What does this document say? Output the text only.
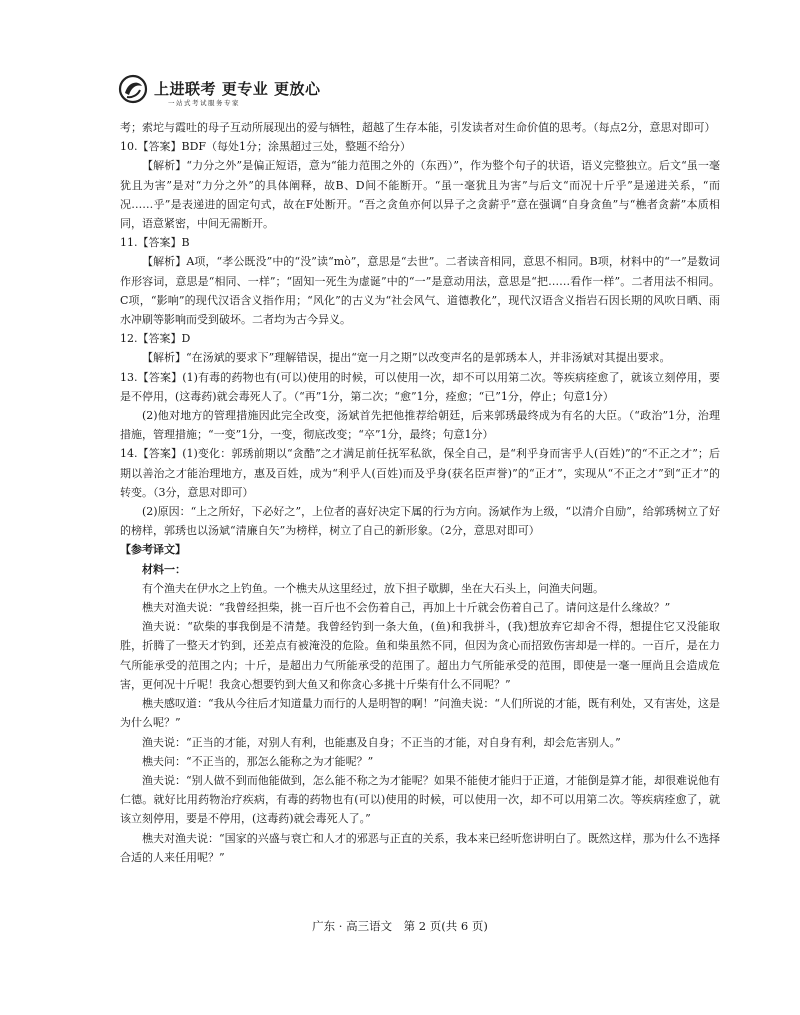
上进联考 更专业 更放心
一站式考试服务专家

考；索坨与霞吐的母子互动所展现出的爱与牺牲，超越了生存本能，引发读者对生命价值的思考。（每点2分，意思对即可）

10.【答案】BDF（每处1分；涂黑超过三处，整题不给分）

【解析】“力分之外”是偏正短语，意为“能力范围之外的（东西）”，作为整个句子的状语，语义完整独立。后文“虽一毫犹且为害”是对“力分之外”的具体阐释，故B、D间不能断开。“虽一毫犹且为害”与后文“而况十斤乎”是递进关系，“而况……乎”是表递进的固定句式，故在F处断开。“吾之贪鱼亦何以异子之贪薪乎”意在强调“自身贪鱼”与“樵者贪薪”本质相同，语意紧密，中间无需断开。

11.【答案】B

【解析】A项，“孝公既没”中的“没”读“mò”，意思是“去世”。二者读音相同，意思不相同。B项，材料中的“一”是数词作形容词，意思是“相同、一样”；“固知一死生为虚诞”中的“一”是意动用法，意思是“把……看作一样”。二者用法不相同。C项，“影响”的现代汉语含义指作用；“风化”的古义为“社会风气、道德教化”，现代汉语含义指岩石因长期的风吹日晒、雨水冲刷等影响而受到破坏。二者均为古今异义。

12.【答案】D

【解析】“在汤斌的要求下”理解错误，提出“宽一月之期”以改变声名的是郭琇本人，并非汤斌对其提出要求。

13.【答案】(1)有毒的药物也有(可以)使用的时候，可以使用一次，却不可以用第二次。等疾病痊愈了，就该立刻停用，要是不停用，(这毒药)就会毒死人了。（“再”1分，第二次；“愈”1分，痊愈；“已”1分，停止；句意1分）

(2)他对地方的管理措施因此完全改变，汤斌首先把他推荐给朝廷，后来郭琇最终成为有名的大臣。（“政治”1分，治理措施，管理措施；“一变”1分，一变，彻底改变；“卒”1分，最终；句意1分）

14.【答案】(1)变化：郭琇前期以“贪酷”之才满足前任抚军私欲，保全自己，是“利乎身而害乎人(百姓)”的“不正之才”；后期以善治之才能治理地方，惠及百姓，成为“利乎人(百姓)而及乎身(获名臣声誉)”的“正才”，实现从“不正之才”到“正才”的转变。（3分，意思对即可）

(2)原因：“上之所好，下必好之”，上位者的喜好决定下属的行为方向。汤斌作为上级，“以清介自励”，给郭琇树立了好的榜样，郭琇也以汤斌“清廉自矢”为榜样，树立了自己的新形象。（2分，意思对即可）

【参考译文】

材料一：

有个渔夫在伊水之上钓鱼。一个樵夫从这里经过，放下担子歇脚，坐在大石头上，问渔夫问题。

樵夫对渔夫说：“我曾经担柴，挑一百斤也不会伤着自己，再加上十斤就会伤着自己了。请问这是什么缘故？”

渔夫说：“砍柴的事我倒是不清楚。我曾经钓到一条大鱼，(鱼)和我拼斗，(我)想放弃它却舍不得，想提住它又没能取胜，折腾了一整天才钓到，还差点有被淹没的危险。鱼和柴虽然不同，但因为贪心而招致伤害却是一样的。一百斤，是在力气所能承受的范围之内；十斤，是超出力气所能承受的范围了。超出力气所能承受的范围，即使是一毫一厘尚且会造成危害，更何况十斤呢！我贪心想要钓到大鱼又和你贪心多挑十斤柴有什么不同呢？”

樵夫感叹道：“我从今往后才知道量力而行的人是明智的啊！”问渔夫说：“人们所说的才能，既有利处，又有害处，这是为什么呢？”

渔夫说：“正当的才能，对别人有利，也能惠及自身；不正当的才能，对自身有利，却会危害别人。”

樵夫问：“不正当的，那怎么能称之为才能呢？”

渔夫说：“别人做不到而他能做到，怎么能不称之为才能呢？如果不能使才能归于正道，才能倒是算才能，却很难说他有仁德。就好比用药物治疗疾病，有毒的药物也有(可以)使用的时候，可以使用一次，却不可以用第二次。等疾病痊愈了，就该立刻停用，要是不停用，(这毒药)就会毒死人了。”

樵夫对渔夫说：“国家的兴盛与衰亡和人才的邪恶与正直的关系，我本来已经听您讲明白了。既然这样，那为什么不选择合适的人来任用呢？”

广东 · 高三语文　第 2 页(共 6 页)
